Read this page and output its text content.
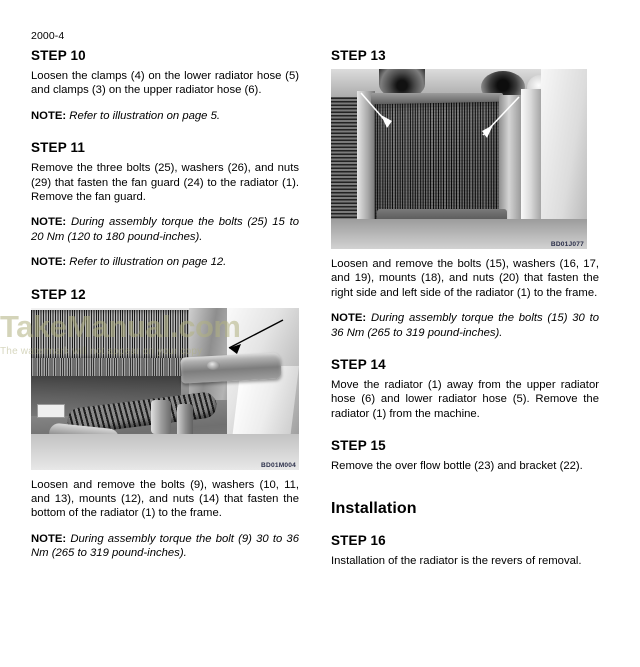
2000-4
STEP 10

Loosen the clamps (4) on the lower radiator hose (5) and clamps (3) on the upper radiator hose (6).

NOTE: Refer to illustration on page 5.

STEP 11

Remove the three bolts (25), washers (26), and nuts (29) that fasten the fan guard (24) to the radiator (1). Remove the fan guard.

NOTE: During assembly torque the bolts (25) 15 to 20 Nm (120 to 180 pound-inches).

NOTE: Refer to illustration on page 12.

STEP 12
BD01M004

Loosen and remove the bolts (9), washers (10, 11, and 13), mounts (12), and nuts (14) that fasten the bottom of the radiator (1) to the frame.

NOTE: During assembly torque the bolt (9) 30 to 36 Nm (265 to 319 pound-inches).

STEP 13
BD01J077

Loosen and remove the bolts (15), washers (16, 17, and 19), mounts (18), and nuts (20) that fasten the right side and left side of the radiator (1) to the frame.

NOTE: During assembly torque the bolts (15) 30 to 36 Nm (265 to 319 pound-inches).

STEP 14

Move the radiator (1) away from the upper radiator hose (6) and lower radiator hose (5). Remove the radiator (1) from the machine.

STEP 15

Remove the over flow bottle (23) and bracket (22).

Installation
STEP 16

Installation of the radiator is the revers of removal.

TakeManual.com
The watermark will not appear on your copy
